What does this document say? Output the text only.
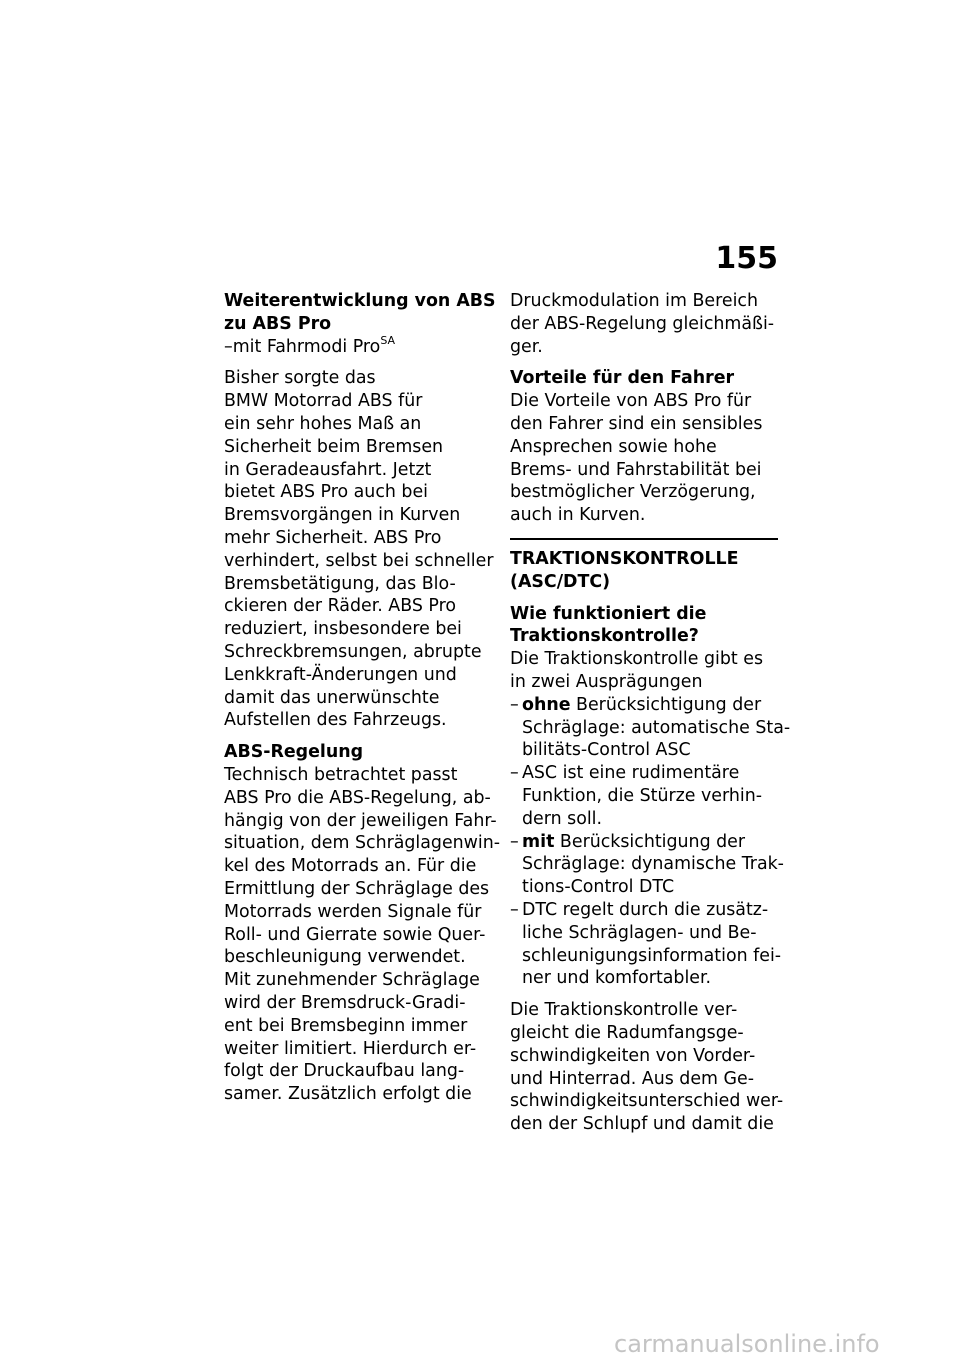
155
Weiterentwicklung von ABS
zu ABS Pro
–mit Fahrmodi Pro$^{SA}$
Bisher sorgte das
BMW Motorrad ABS für
ein sehr hohes Maß an
Sicherheit beim Bremsen
in Geradeausfahrt. Jetzt
bietet ABS Pro auch bei
Bremsvorgängen in Kurven
mehr Sicherheit. ABS Pro
verhindert, selbst bei schneller
Bremsbetätigung, das Blo-
ckieren der Räder. ABS Pro
reduziert, insbesondere bei
Schreckbremsungen, abrupte
Lenkkraft-Änderungen und
damit das unerwünschte
Aufstellen des Fahrzeugs.
ABS-Regelung
Technisch betrachtet passt
ABS Pro die ABS-Regelung, ab-
hängig von der jeweiligen Fahr-
situation, dem Schräglagenwin-
kel des Motorrads an. Für die
Ermittlung der Schräglage des
Motorrads werden Signale für
Roll- und Gierrate sowie Quer-
beschleunigung verwendet.
Mit zunehmender Schräglage
wird der Bremsdruck-Gradi-
ent bei Bremsbeginn immer
weiter limitiert. Hierdurch er-
folgt der Druckaufbau lang-
samer. Zusätzlich erfolgt die
Druckmodulation im Bereich
der ABS-Regelung gleichmäßi-
ger.
Vorteile für den Fahrer
Die Vorteile von ABS Pro für
den Fahrer sind ein sensibles
Ansprechen sowie hohe
Brems- und Fahrstabilität bei
bestmöglicher Verzögerung,
auch in Kurven.
TRAKTIONSKONTROLLE
(ASC/DTC)
Wie funktioniert die
Traktionskontrolle?
Die Traktionskontrolle gibt es
in zwei Ausprägungen
– ohne Berücksichtigung der
Schräglage: automatische Sta-
bilitäts-Control ASC
– ASC ist eine rudimentäre
Funktion, die Stürze verhin-
dern soll.
– mit Berücksichtigung der
Schräglage: dynamische Trak-
tions-Control DTC
– DTC regelt durch die zusätz-
liche Schräglagen- und Be-
schleunigungsinformation fei-
ner und komfortabler.
Die Traktionskontrolle ver-
gleicht die Radumfangsge-
schwindigkeiten von Vorder-
und Hinterrad. Aus dem Ge-
schwindigkeitsunterschied wer-
den der Schlupf und damit die
carmanualsonline.info
